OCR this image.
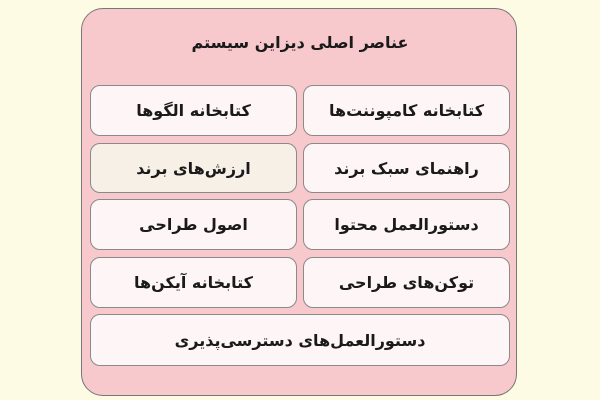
عناصر اصلی دیزاین سیستم
کتابخانه کامپوننت‌ها
کتابخانه الگوها
راهنمای سبک برند
ارزش‌های برند
دستورالعمل محتوا
اصول طراحی
توکن‌های طراحی
کتابخانه آیکن‌ها
دستورالعمل‌های دسترسی‌پذیری
